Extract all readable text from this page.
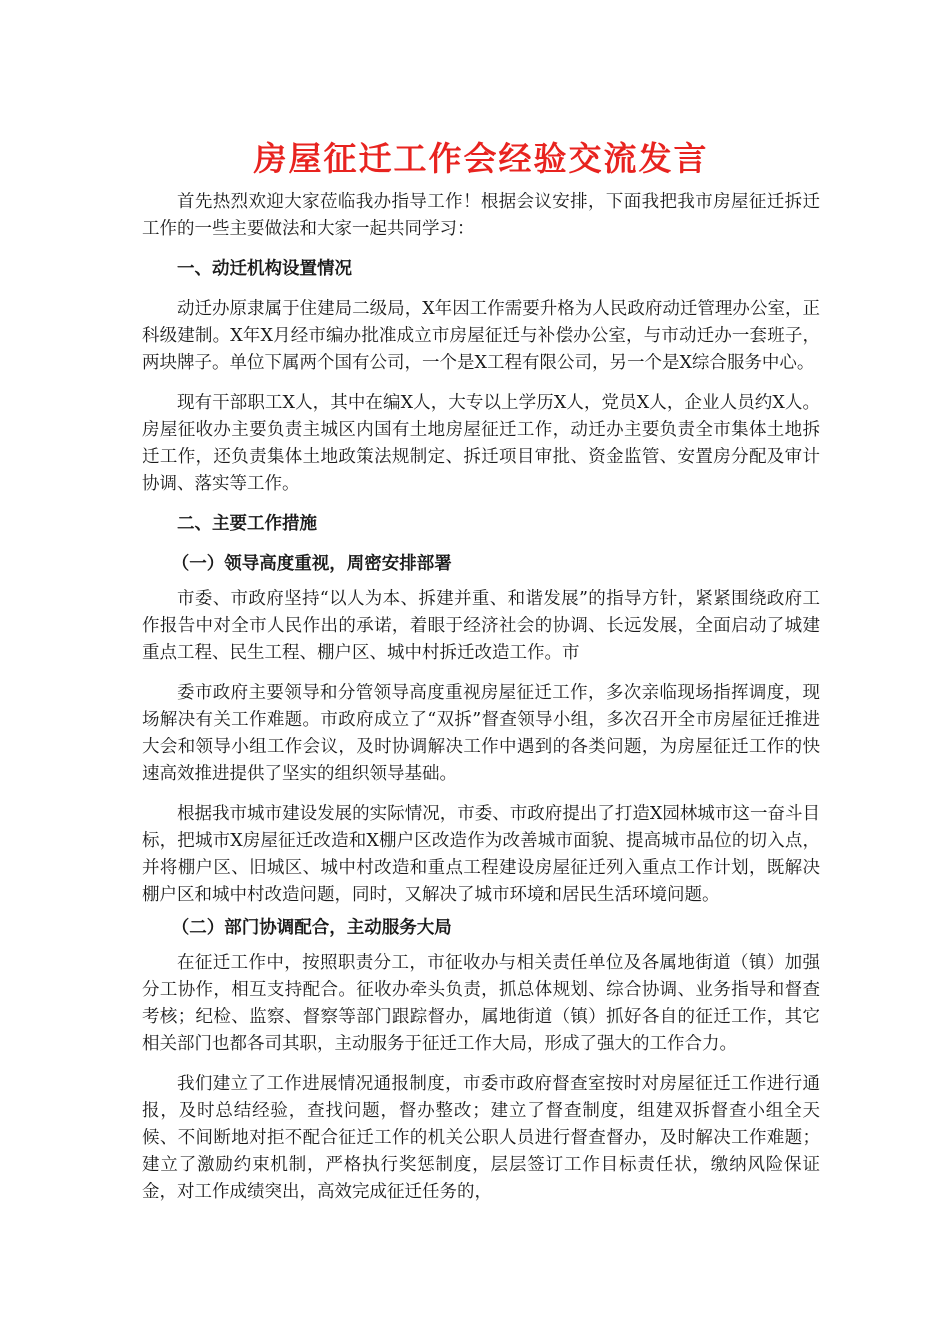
房屋征迁工作会经验交流发言

首先热烈欢迎大家莅临我办指导工作！根据会议安排，下面我把我市房屋征迁拆迁工作的一些主要做法和大家一起共同学习：

一、动迁机构设置情况

动迁办原隶属于住建局二级局，X年因工作需要升格为人民政府动迁管理办公室，正科级建制。X年X月经市编办批准成立市房屋征迁与补偿办公室，与市动迁办一套班子，两块牌子。单位下属两个国有公司，一个是X工程有限公司，另一个是X综合服务中心。

现有干部职工X人，其中在编X人，大专以上学历X人，党员X人，企业人员约X人。房屋征收办主要负责主城区内国有土地房屋征迁工作，动迁办主要负责全市集体土地拆迁工作，还负责集体土地政策法规制定、拆迁项目审批、资金监管、安置房分配及审计协调、落实等工作。

二、主要工作措施

（一）领导高度重视，周密安排部署

市委、市政府坚持“以人为本、拆建并重、和谐发展”的指导方针，紧紧围绕政府工作报告中对全市人民作出的承诺，着眼于经济社会的协调、长远发展，全面启动了城建重点工程、民生工程、棚户区、城中村拆迁改造工作。市

委市政府主要领导和分管领导高度重视房屋征迁工作，多次亲临现场指挥调度，现场解决有关工作难题。市政府成立了“双拆”督查领导小组，多次召开全市房屋征迁推进大会和领导小组工作会议，及时协调解决工作中遇到的各类问题，为房屋征迁工作的快速高效推进提供了坚实的组织领导基础。

根据我市城市建设发展的实际情况，市委、市政府提出了打造X园林城市这一奋斗目标，把城市X房屋征迁改造和X棚户区改造作为改善城市面貌、提高城市品位的切入点，并将棚户区、旧城区、城中村改造和重点工程建设房屋征迁列入重点工作计划，既解决棚户区和城中村改造问题，同时，又解决了城市环境和居民生活环境问题。

（二）部门协调配合，主动服务大局

在征迁工作中，按照职责分工，市征收办与相关责任单位及各属地街道（镇）加强分工协作，相互支持配合。征收办牵头负责，抓总体规划、综合协调、业务指导和督查考核；纪检、监察、督察等部门跟踪督办，属地街道（镇）抓好各自的征迁工作，其它相关部门也都各司其职，主动服务于征迁工作大局，形成了强大的工作合力。

我们建立了工作进展情况通报制度，市委市政府督查室按时对房屋征迁工作进行通报，及时总结经验，查找问题，督办整改；建立了督查制度，组建双拆督查小组全天候、不间断地对拒不配合征迁工作的机关公职人员进行督查督办，及时解决工作难题；建立了激励约束机制，严格执行奖惩制度，层层签订工作目标责任状，缴纳风险保证金，对工作成绩突出，高效完成征迁任务的，
